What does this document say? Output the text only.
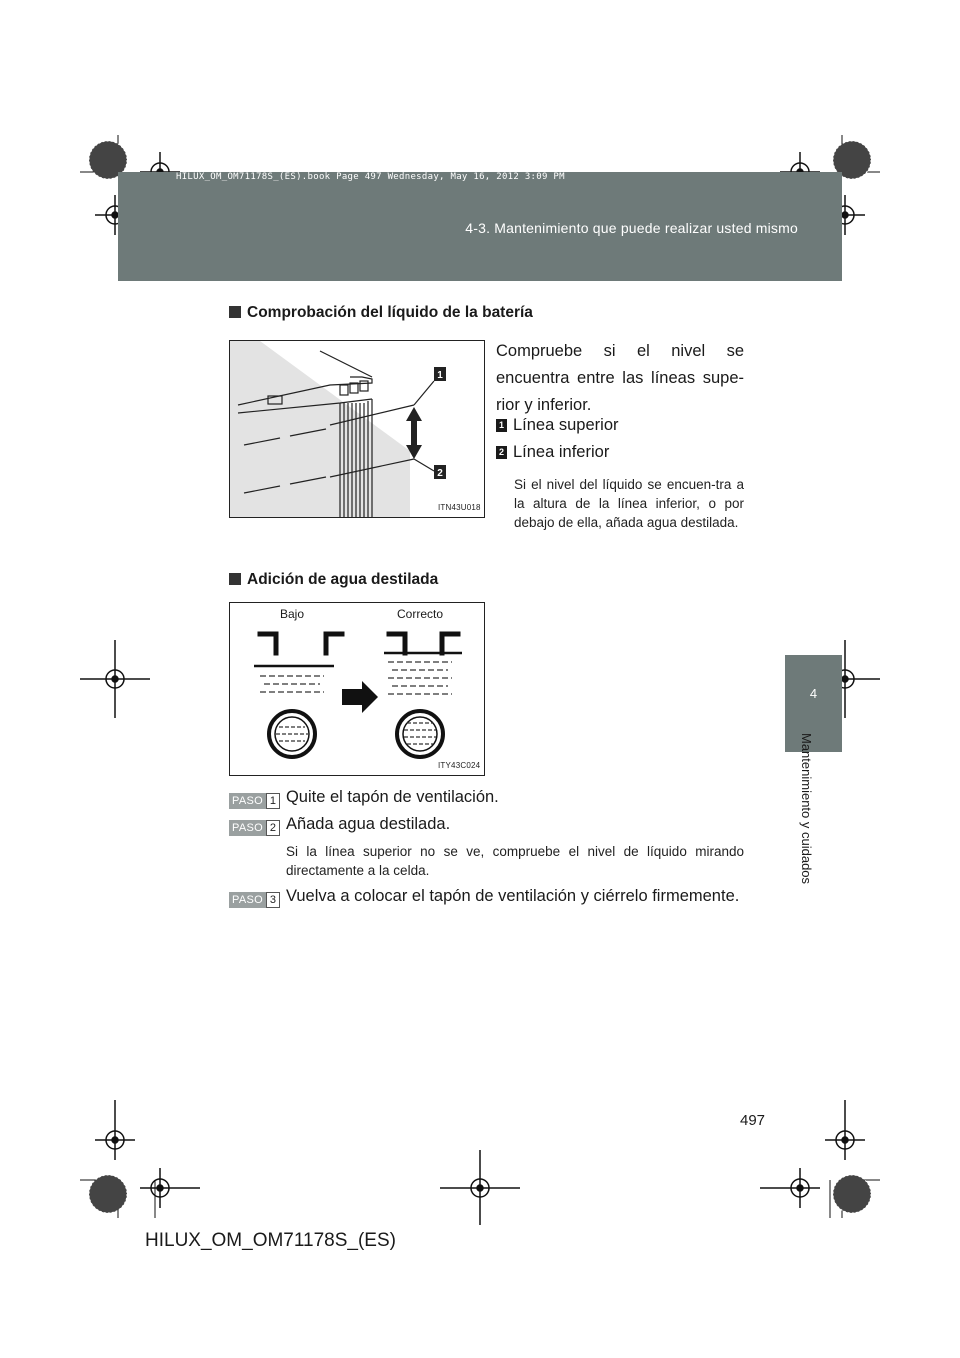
HILUX_OM_OM71178S_(ES).book Page 497 Wednesday, May 16, 2012 3:09 PM
4-3. Mantenimiento que puede realizar usted mismo
4
Mantenimiento y cuidados
Comprobación del líquido de la batería
1
2
ITN43U018
Compruebe si el nivel se encuentra entre las líneas supe-rior y inferior.
1 Línea superior
2 Línea inferior
Si el nivel del líquido se encuen-tra a la altura de la línea inferior, o por debajo de ella, añada agua destilada.
Adición de agua destilada
Bajo	Correcto
ITY43C024
PASO 1 Quite el tapón de ventilación.
PASO 2 Añada agua destilada.
Si la línea superior no se ve, compruebe el nivel de líquido mirando directamente a la celda.
PASO 3 Vuelva a colocar el tapón de ventilación y ciérrelo firmemente.
497
HILUX_OM_OM71178S_(ES)
